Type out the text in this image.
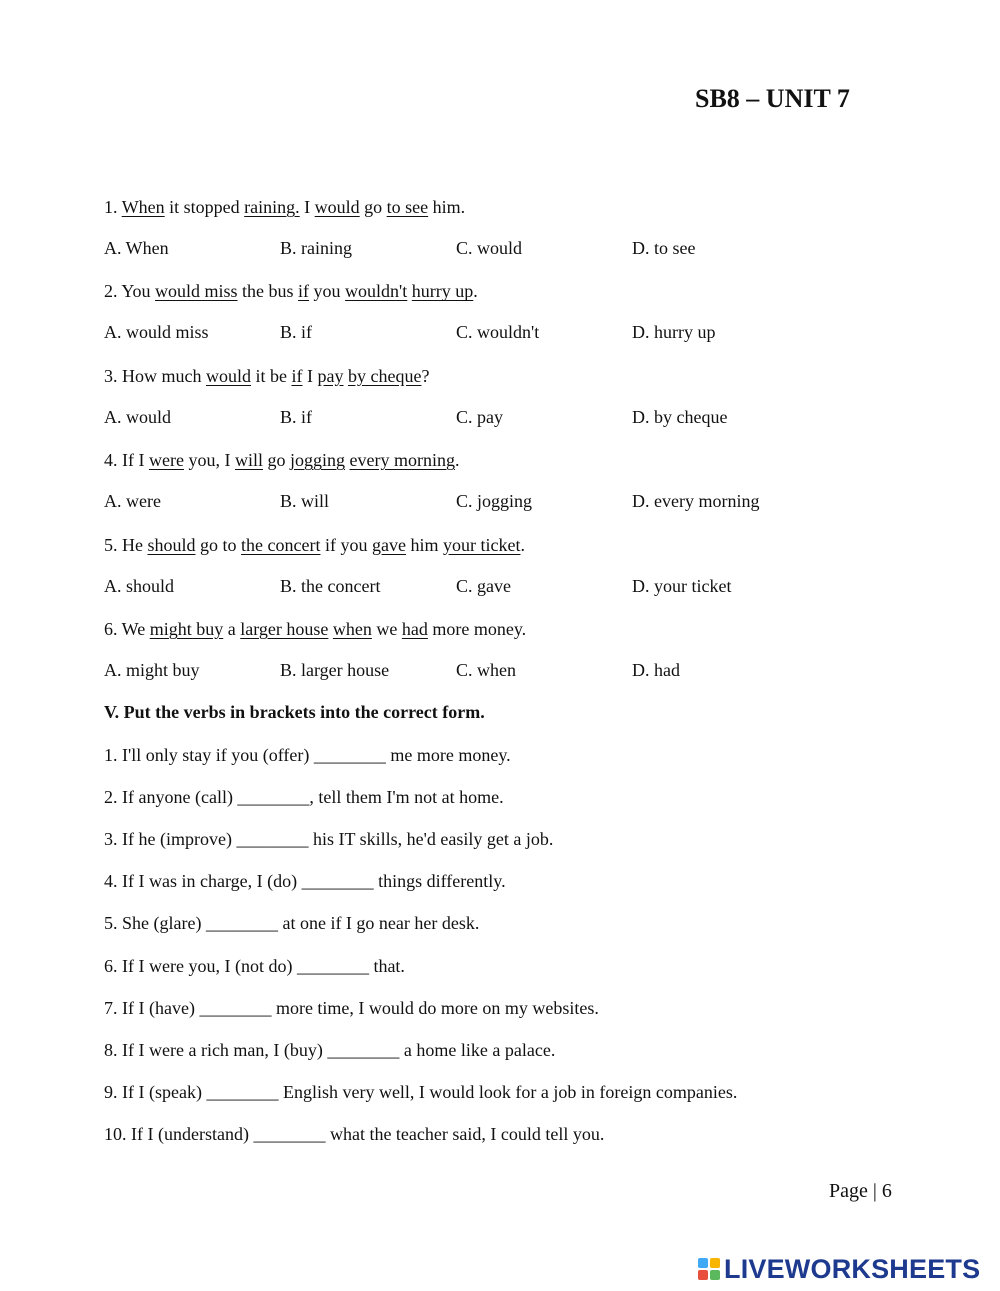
SB8 – UNIT 7
1. When it stopped raining. I would go to see him.
A. When	B. raining	C. would	D. to see
2. You would miss the bus if you wouldn't hurry up.
A. would miss	B. if	C. wouldn't	D. hurry up
3. How much would it be if I pay by cheque?
A. would	B. if	C. pay	D. by cheque
4. If I were you, I will go jogging every morning.
A. were	B. will	C. jogging	D. every morning
5. He should go to the concert if you gave him your ticket.
A. should	B. the concert	C. gave	D. your ticket
6. We might buy a larger house when we had more money.
A. might buy	B. larger house	C. when	D. had
V. Put the verbs in brackets into the correct form.
1. I'll only stay if you (offer) ________ me more money.
2. If anyone (call) ________, tell them I'm not at home.
3. If he (improve) ________ his IT skills, he'd easily get a job.
4. If I was in charge, I (do) ________ things differently.
5. She (glare) ________ at one if I go near her desk.
6. If I were you, I (not do) ________ that.
7. If I (have) ________ more time, I would do more on my websites.
8. If I were a rich man, I (buy) ________ a home like a palace.
9. If I (speak) ________ English very well, I would look for a job in foreign companies.
10. If I (understand) ________ what the teacher said, I could tell you.
Page | 6
LIVEWORKSHEETS
